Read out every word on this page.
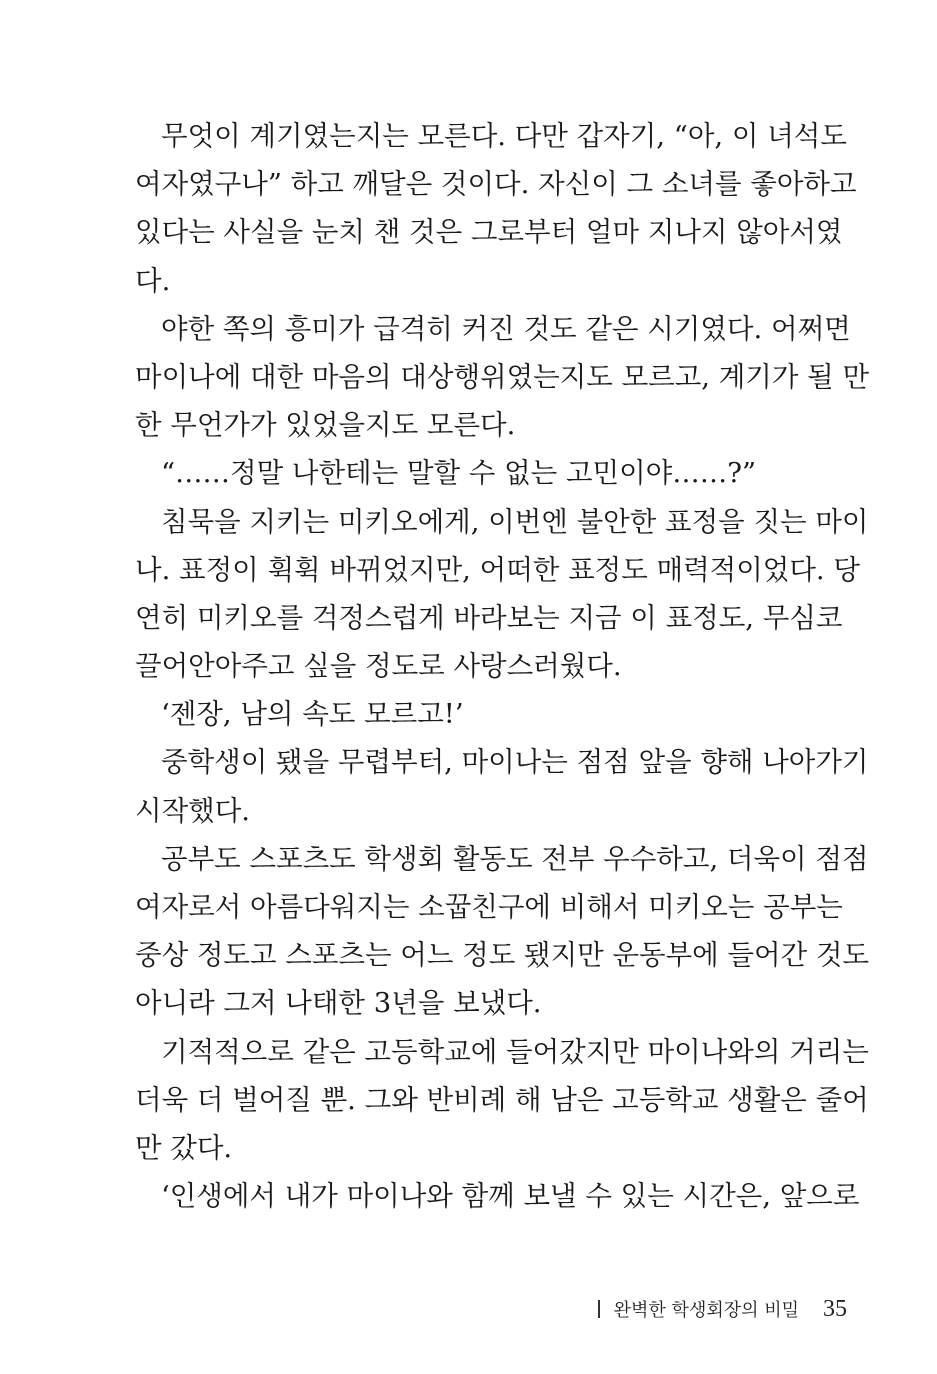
무엇이 계기였는지는 모른다. 다만 갑자기, “아, 이 녀석도
여자였구나” 하고 깨달은 것이다. 자신이 그 소녀를 좋아하고
있다는 사실을 눈치 챈 것은 그로부터 얼마 지나지 않아서였
다.
야한 쪽의 흥미가 급격히 커진 것도 같은 시기였다. 어쩌면
마이나에 대한 마음의 대상행위였는지도 모르고, 계기가 될 만
한 무언가가 있었을지도 모른다.
“……정말 나한테는 말할 수 없는 고민이야……?”
침묵을 지키는 미키오에게, 이번엔 불안한 표정을 짓는 마이
나. 표정이 휙휙 바뀌었지만, 어떠한 표정도 매력적이었다. 당
연히 미키오를 걱정스럽게 바라보는 지금 이 표정도, 무심코
끌어안아주고 싶을 정도로 사랑스러웠다.
‘젠장, 남의 속도 모르고!’
중학생이 됐을 무렵부터, 마이나는 점점 앞을 향해 나아가기
시작했다.
공부도 스포츠도 학생회 활동도 전부 우수하고, 더욱이 점점
여자로서 아름다워지는 소꿉친구에 비해서 미키오는 공부는
중상 정도고 스포츠는 어느 정도 됐지만 운동부에 들어간 것도
아니라 그저 나태한 3년을 보냈다.
기적적으로 같은 고등학교에 들어갔지만 마이나와의 거리는
더욱 더 벌어질 뿐. 그와 반비례 해 남은 고등학교 생활은 줄어
만 갔다.
‘인생에서 내가 마이나와 함께 보낼 수 있는 시간은, 앞으로
완벽한 학생회장의 비밀 35
